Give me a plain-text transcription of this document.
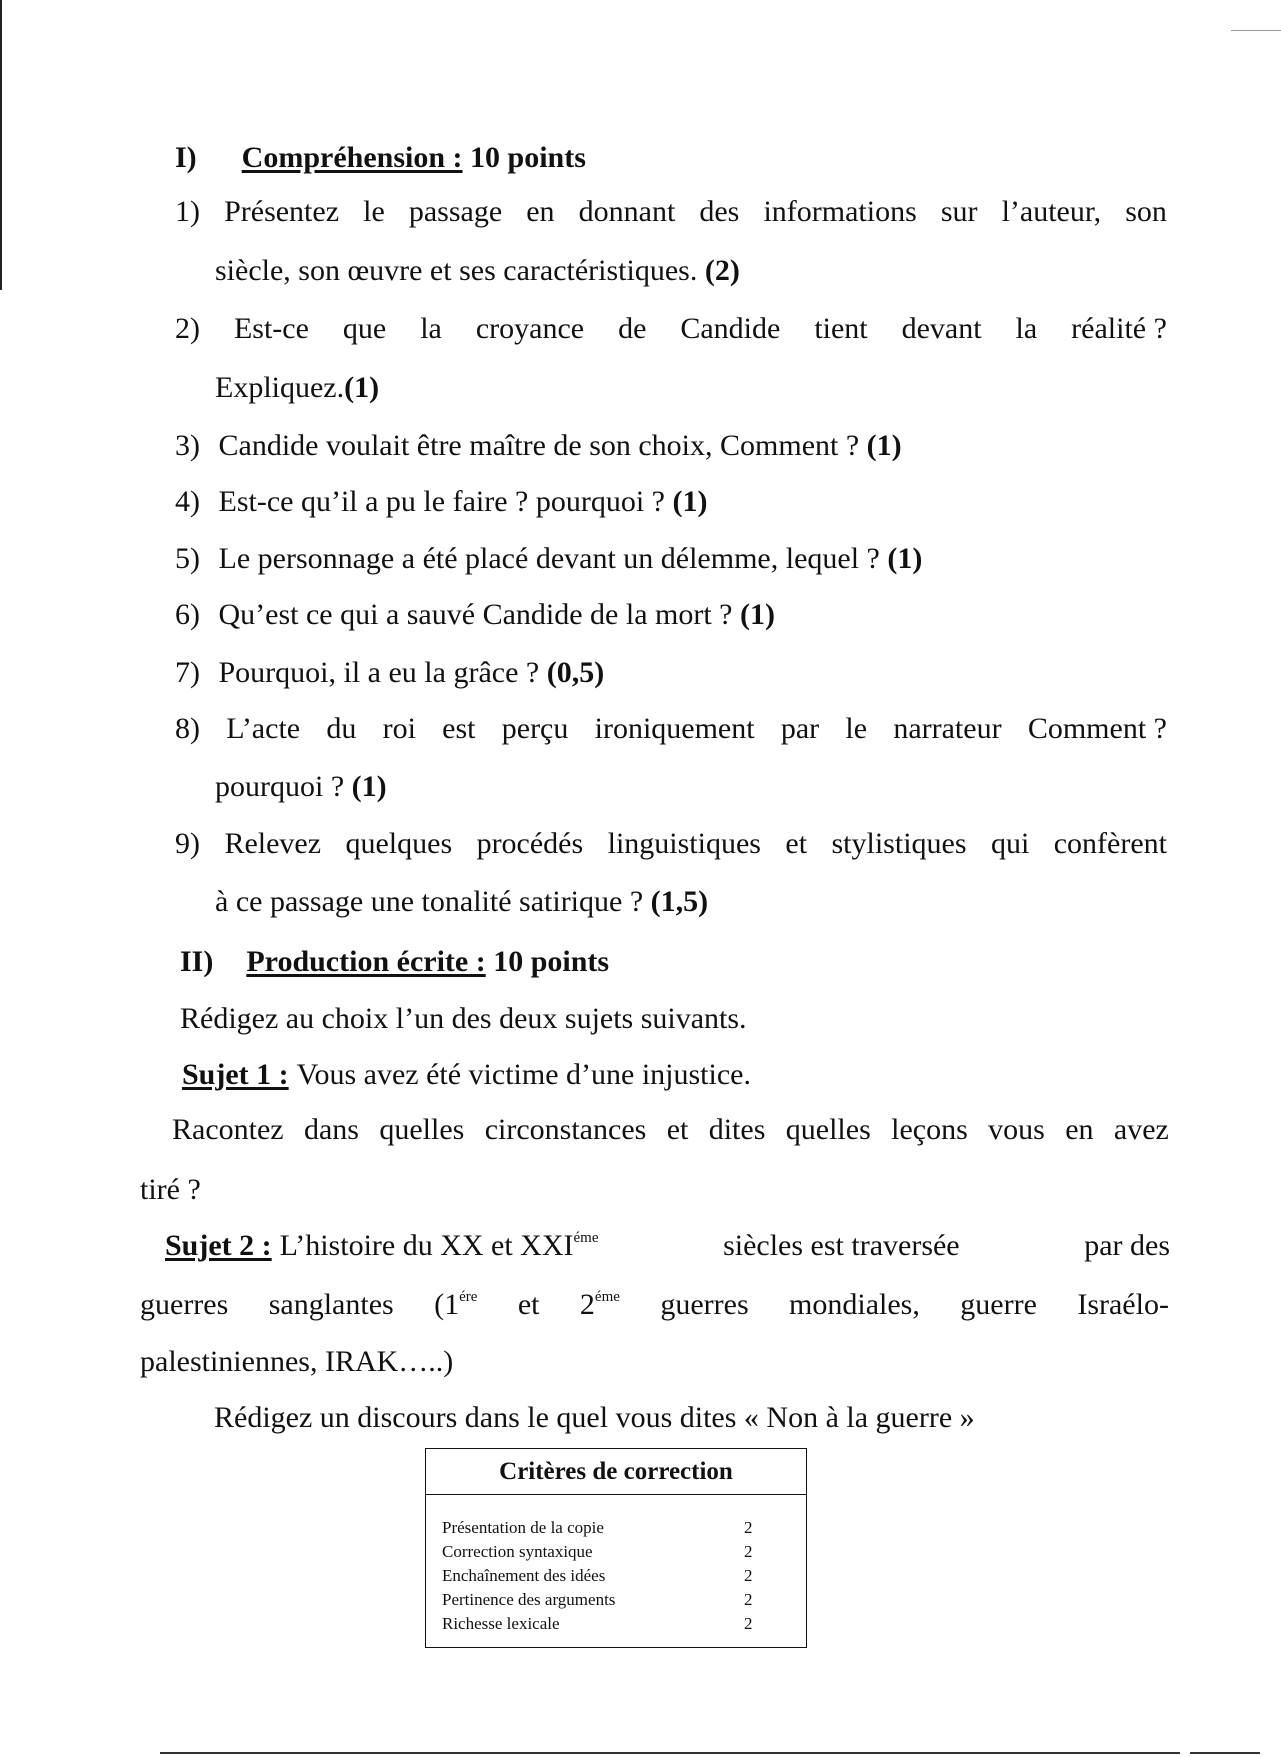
I) Compréhension : 10 points
1) Présentez le passage en donnant des informations sur l’auteur, son
siècle, son œuvre et ses caractéristiques. (2)
2) Est-ce que la croyance de Candide tient devant la réalité ?
Expliquez.(1)
3) Candide voulait être maître de son choix, Comment ? (1)
4) Est-ce qu’il a pu le faire ? pourquoi ? (1)
5) Le personnage a été placé devant un délemme, lequel ? (1)
6) Qu’est ce qui a sauvé Candide de la mort ? (1)
7) Pourquoi, il a eu la grâce ? (0,5)
8) L’acte du roi est perçu ironiquement par le narrateur Comment ?
pourquoi ? (1)
9) Relevez quelques procédés linguistiques et stylistiques qui confèrent
à ce passage une tonalité satirique ? (1,5)
II) Production écrite : 10 points
Rédigez au choix l’un des deux sujets suivants.
Sujet 1 : Vous avez été victime d’une injustice.
Racontez dans quelles circonstances et dites quelles leçons vous en avez
tiré ?
Sujet 2 : L’histoire du XX et $XXI^{éme}$	siècles est traversée	par des
guerres sanglantes ($1^{ére}$ et $2^{éme}$ guerres mondiales, guerre Israélo-
palestiniennes, IRAK…..)
Rédigez un discours dans le quel vous dites « Non à la guerre »
Critères de correction
Présentation de la copie	2
Correction syntaxique	2
Enchaînement des idées	2
Pertinence des arguments	2
Richesse lexicale	2
